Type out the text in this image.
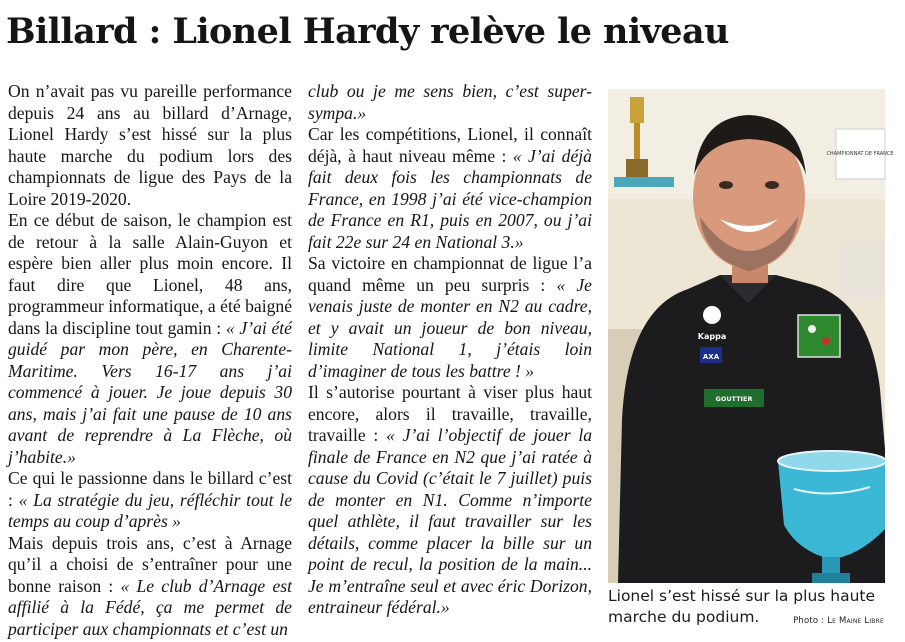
Billard : Lionel Hardy relève le niveau

On n’avait pas vu pareille performance depuis 24 ans au billard d’Arnage, Lionel Hardy s’est hissé sur la plus haute marche du podium lors des championnats de ligue des Pays de la Loire 2019-2020.

En ce début de saison, le champion est de retour à la salle Alain-Guyon et espère bien aller plus moin encore. Il faut dire que Lionel, 48 ans, programmeur informatique, a été baigné dans la discipline tout gamin : « J’ai été guidé par mon père, en Charente-Maritime. Vers 16-17 ans j’ai commencé à jouer. Je joue depuis 30 ans, mais j’ai fait une pause de 10 ans avant de reprendre à La Flèche, où j’habite.»

Ce qui le passionne dans le billard c’est : « La stratégie du jeu, réfléchir tout le temps au coup d’après »

Mais depuis trois ans, c’est à Arnage qu’il a choisi de s’entraîner pour une bonne raison : « Le club d’Arnage est affilié à la Fédé, ça me permet de participer aux championnats et c’est un

club ou je me sens bien, c’est super-sympa.»

Car les compétitions, Lionel, il connaît déjà, à haut niveau même : « J’ai déjà fait deux fois les championnats de France, en 1998 j’ai été vice-champion de France en R1, puis en 2007, ou j’ai fait 22e sur 24 en National 3.»

Sa victoire en championnat de ligue l’a quand même un peu surpris : « Je venais juste de monter en N2 au cadre, et y avait un joueur de bon niveau, limite National 1, j’étais loin d’imaginer de tous les battre ! »

Il s’autorise pourtant à viser plus haut encore, alors il travaille, travaille, travaille : « J’ai l’objectif de jouer la finale de France en N2 que j’ai ratée à cause du Covid (c’était le 7 juillet) puis de monter en N1. Comme n’importe quel athlète, il faut travailler sur les détails, comme placer la bille sur un point de recul, la position de la main... Je m’entraîne seul et avec éric Dorizon, entraineur fédéral.»

CHAMPIONNAT DE FRANCE
Kappa
AXA
GOUTTIER
Lionel s’est hissé sur la plus haute marche du podium.	Photo : Le Maine Libre
